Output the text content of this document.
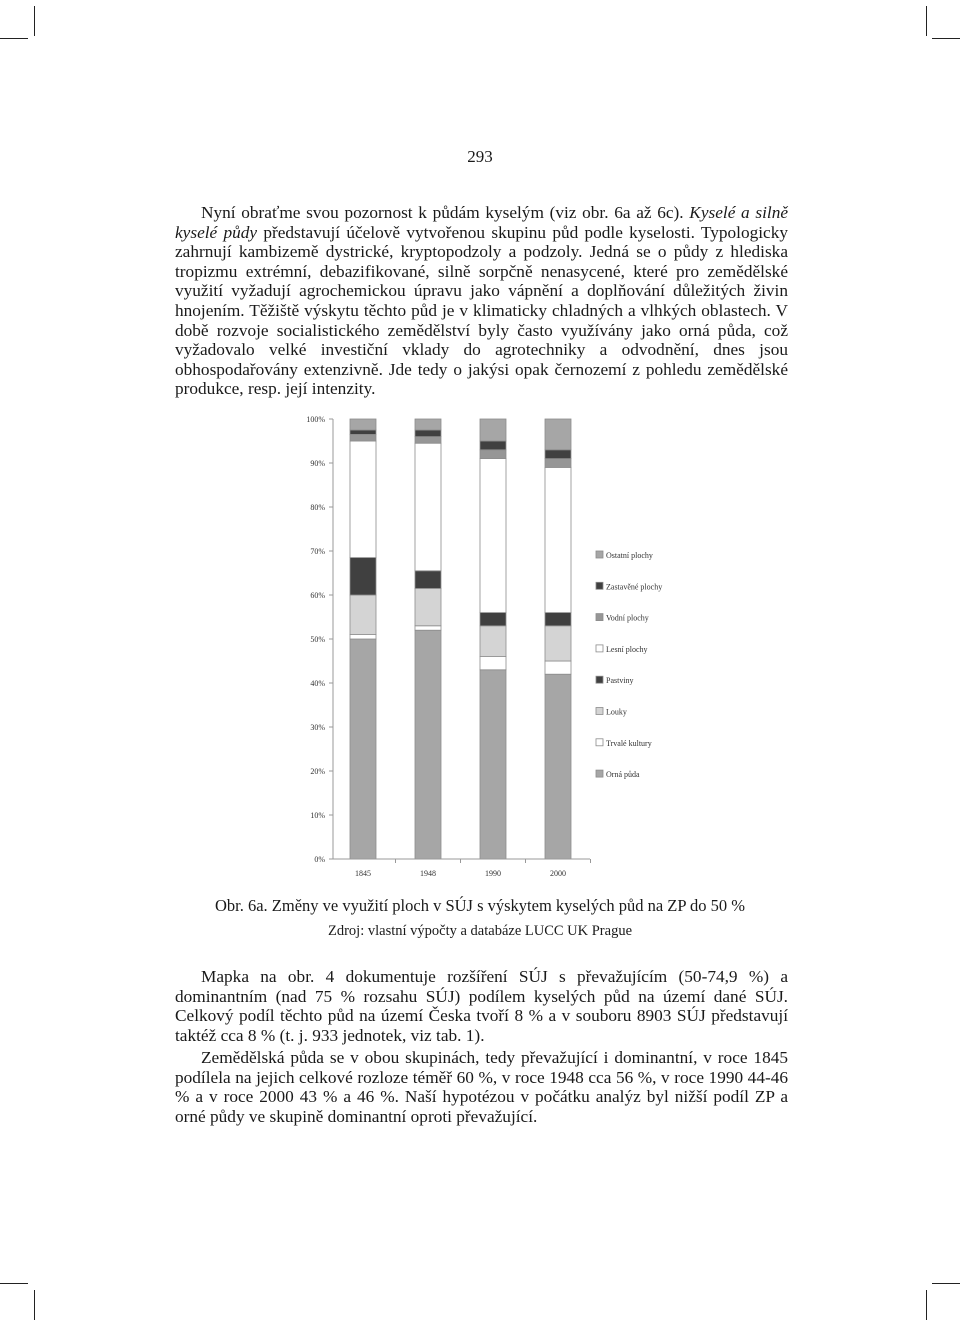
293

Nyní obraťme svou pozornost k půdám kyselým (viz obr. 6a až 6c). Kyselé a silně kyselé půdy představují účelově vytvořenou skupinu půd podle kyselosti. Typologicky zahrnují kambizemě dystrické, kryptopodzoly a podzoly. Jedná se o půdy z hlediska tropizmu extrémní, debazifikované, silně sorpčně nenasycené, které pro zemědělské využití vyžadují agrochemickou úpravu jako vápnění a doplňování důležitých živin hnojením. Těžiště výskytu těchto půd je v klimaticky chladných a vlhkých oblastech. V době rozvoje socialistického zemědělství byly často využívány jako orná půda, což vyžadovalo velké investiční vklady do agrotechniky a odvodnění, dnes jsou obhospodařovány extenzivně. Jde tedy o jakýsi opak černozemí z pohledu zemědělské produkce, resp. její intenzity.

0%
10%
20%
30%
40%
50%
60%
70%
80%
90%
100%
1845	1948	1990	2000
Ostatní plochy
Zastavěné plochy
Vodní plochy
Lesní plochy
Pastviny
Louky
Trvalé kultury
Orná půda

Obr. 6a. Změny ve využití ploch v SÚJ s výskytem kyselých půd na ZP do 50 %

Zdroj: vlastní výpočty a databáze LUCC UK Prague

Mapka na obr. 4 dokumentuje rozšíření SÚJ s převažujícím (50-74,9 %) a dominantním (nad 75 % rozsahu SÚJ) podílem kyselých půd na území dané SÚJ. Celkový podíl těchto půd na území Česka tvoří 8 % a v souboru 8903 SÚJ představují taktéž cca 8 % (t. j. 933 jednotek, viz tab. 1).

Zemědělská půda se v obou skupinách, tedy převažující i dominantní, v roce 1845 podílela na jejich celkové rozloze téměř 60 %, v roce 1948 cca 56 %, v roce 1990 44-46 % a v roce 2000 43 % a 46 %. Naší hypotézou v počátku analýz byl nižší podíl ZP a orné půdy ve skupině dominantní oproti převažující.
